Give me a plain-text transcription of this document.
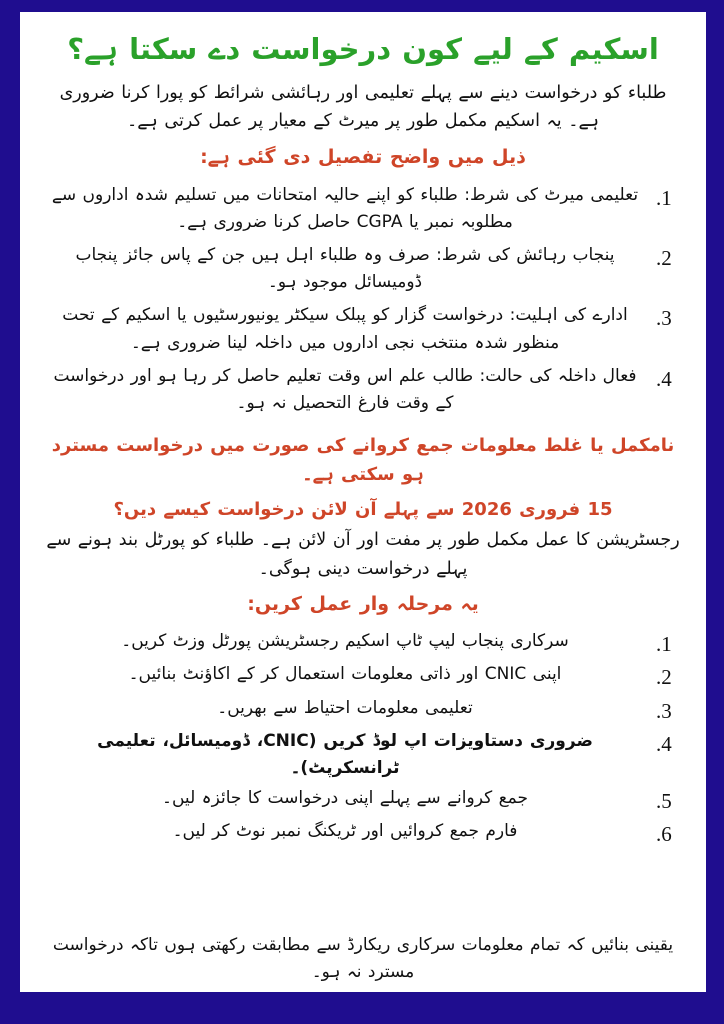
اسکیم کے لیے کون درخواست دے سکتا ہے؟

طلباء کو درخواست دینے سے پہلے تعلیمی اور رہائشی شرائط کو پورا کرنا ضروری ہے۔ یہ اسکیم مکمل طور پر میرٹ کے معیار پر عمل کرتی ہے۔

ذیل میں واضح تفصیل دی گئی ہے:

تعلیمی میرٹ کی شرط: طلباء کو اپنے حالیہ امتحانات میں تسلیم شدہ اداروں سے مطلوبہ نمبر یا CGPA حاصل کرنا ضروری ہے۔
پنجاب رہائش کی شرط: صرف وہ طلباء اہل ہیں جن کے پاس جائز پنجاب ڈومیسائل موجود ہو۔
ادارے کی اہلیت: درخواست گزار کو پبلک سیکٹر یونیورسٹیوں یا اسکیم کے تحت منظور شدہ منتخب نجی اداروں میں داخلہ لینا ضروری ہے۔
فعال داخلہ کی حالت: طالب علم اس وقت تعلیم حاصل کر رہا ہو اور درخواست کے وقت فارغ التحصیل نہ ہو۔

نامکمل یا غلط معلومات جمع کروانے کی صورت میں درخواست مسترد ہو سکتی ہے۔

15 فروری 2026 سے پہلے آن لائن درخواست کیسے دیں؟

رجسٹریشن کا عمل مکمل طور پر مفت اور آن لائن ہے۔ طلباء کو پورٹل بند ہونے سے پہلے درخواست دینی ہوگی۔

یہ مرحلہ وار عمل کریں:

سرکاری پنجاب لیپ ٹاپ اسکیم رجسٹریشن پورٹل وزٹ کریں۔
اپنی CNIC اور ذاتی معلومات استعمال کر کے اکاؤنٹ بنائیں۔
تعلیمی معلومات احتیاط سے بھریں۔
ضروری دستاویزات اپ لوڈ کریں (CNIC، ڈومیسائل، تعلیمی ٹرانسکرپٹ)۔
جمع کروانے سے پہلے اپنی درخواست کا جائزہ لیں۔
فارم جمع کروائیں اور ٹریکنگ نمبر نوٹ کر لیں۔

یقینی بنائیں کہ تمام معلومات سرکاری ریکارڈ سے مطابقت رکھتی ہوں تاکہ درخواست مسترد نہ ہو۔
